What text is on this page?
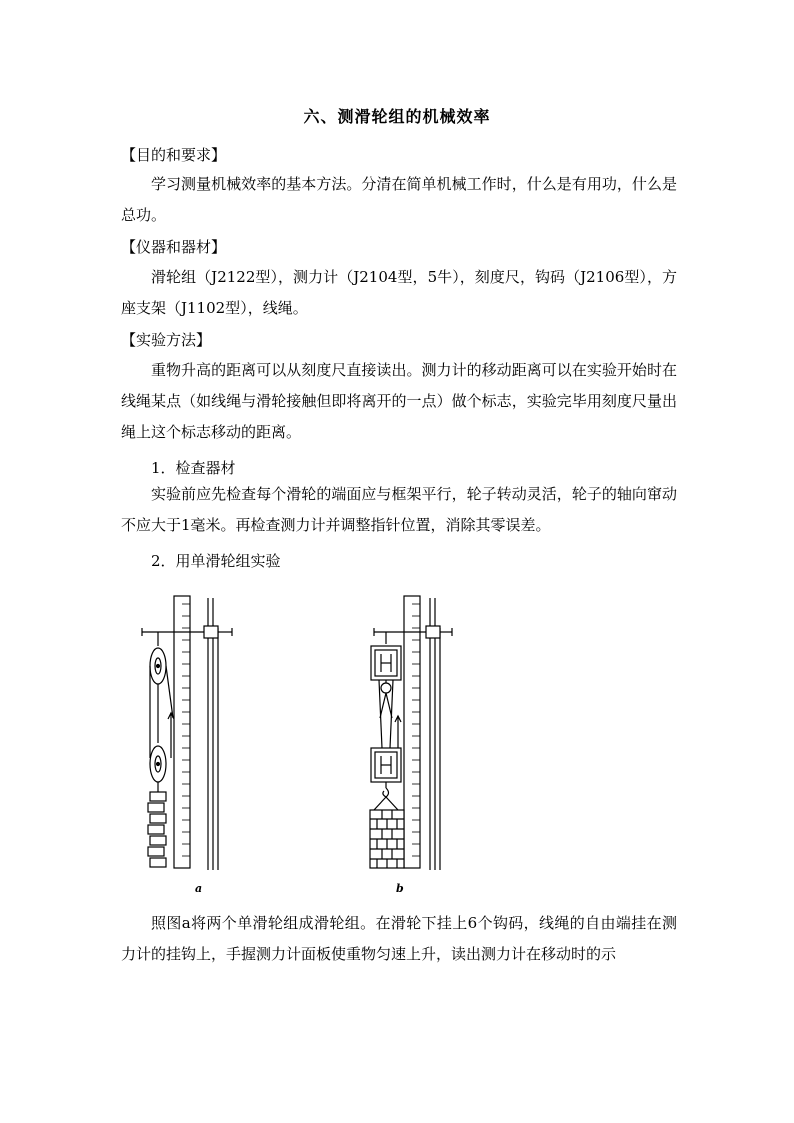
六、测滑轮组的机械效率
【目的和要求】
学习测量机械效率的基本方法。分清在简单机械工作时，什么是有用功，什么是总功。
【仪器和器材】
滑轮组（J2122型），测力计（J2104型，5牛），刻度尺，钩码（J2106型），方座支架（J1102型），线绳。
【实验方法】
重物升高的距离可以从刻度尺直接读出。测力计的移动距离可以在实验开始时在线绳某点（如线绳与滑轮接触但即将离开的一点）做个标志，实验完毕用刻度尺量出绳上这个标志移动的距离。
1．检查器材
实验前应先检查每个滑轮的端面应与框架平行，轮子转动灵活，轮子的轴向窜动不应大于1毫米。再检查测力计并调整指针位置，消除其零误差。
2．用单滑轮组实验
a	b
照图a将两个单滑轮组成滑轮组。在滑轮下挂上6个钩码，线绳的自由端挂在测力计的挂钩上，手握测力计面板使重物匀速上升，读出测力计在移动时的示
